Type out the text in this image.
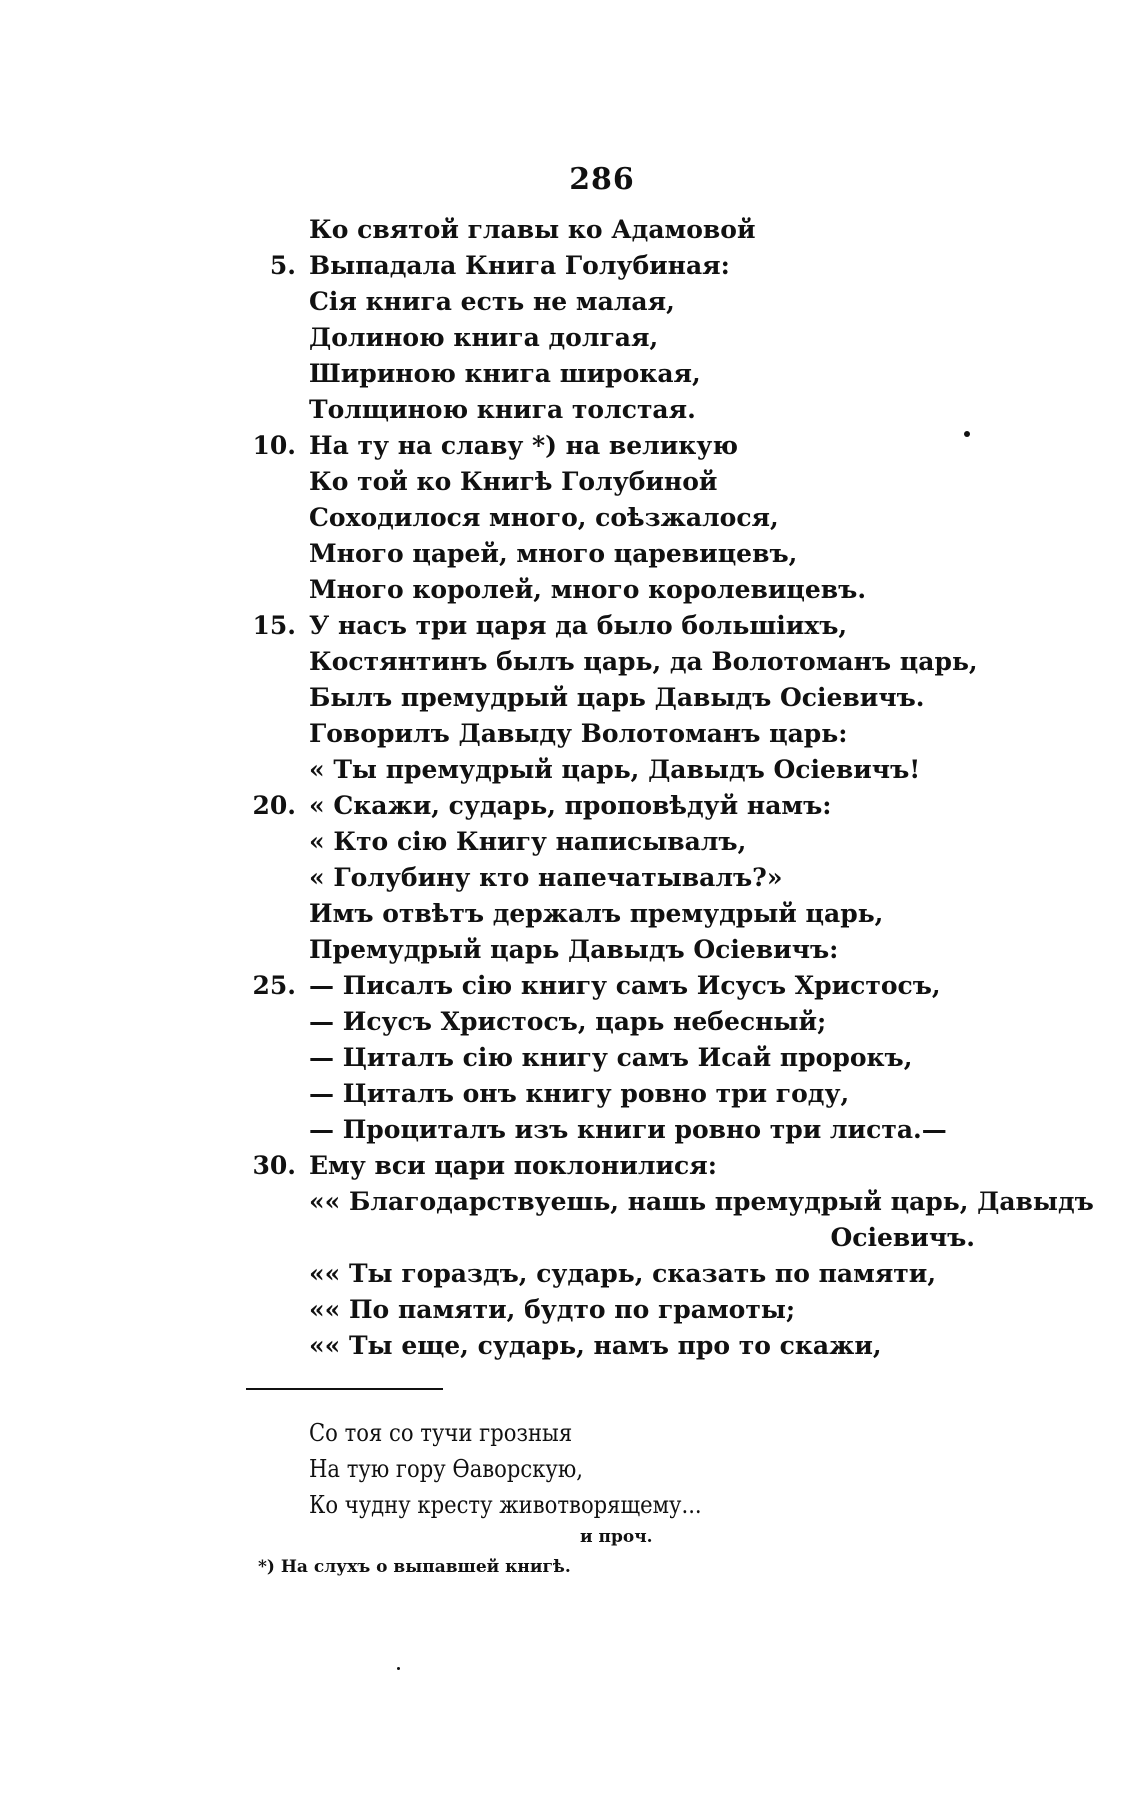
286
Ко святой главы ко Адамовой
5. Выпадала Книга Голубиная:
Сія книга есть не малая,
Долиною книга долгая,
Шириною книга широкая,
Толщиною книга толстая.
10. На ту на славу *) на великую
Ко той ко Книгѣ Голубиной
Соходилося много, соѣзжалося,
Много царей, много царевицевъ,
Много королей, много королевицевъ.
15. У насъ три царя да было большіихъ,
Костянтинъ былъ царь, да Волотоманъ царь,
Былъ премудрый царь Давыдъ Осіевичъ.
Говорилъ Давыду Волотоманъ царь:
« Ты премудрый царь, Давыдъ Осіевичъ!
20. « Скажи, сударь, проповѣдуй намъ:
« Кто сію Книгу написывалъ,
« Голубину кто напечатывалъ?»
Имъ отвѣтъ держалъ премудрый царь,
Премудрый царь Давыдъ Осіевичъ:
25. — Писалъ сію книгу самъ Исусъ Христосъ,
— Исусъ Христосъ, царь небесный;
— Циталъ сію книгу самъ Исай пророкъ,
— Циталъ онъ книгу ровно три году,
— Проциталъ изъ книги ровно три листа.—
30. Ему вси цари поклонилися:
«« Благодарствуешь, нашь премудрый царь, Давыдъ
Осіевичъ.
«« Ты гораздъ, сударь, сказать по памяти,
«« По памяти, будто по грамоты;
«« Ты еще, сударь, намъ про то скажи,
Со тоя со тучи грозныя
На тую гору Ѳаворскую,
Ко чудну кресту животворящему...
и проч.
*) На слухъ о выпавшей книгѣ.
